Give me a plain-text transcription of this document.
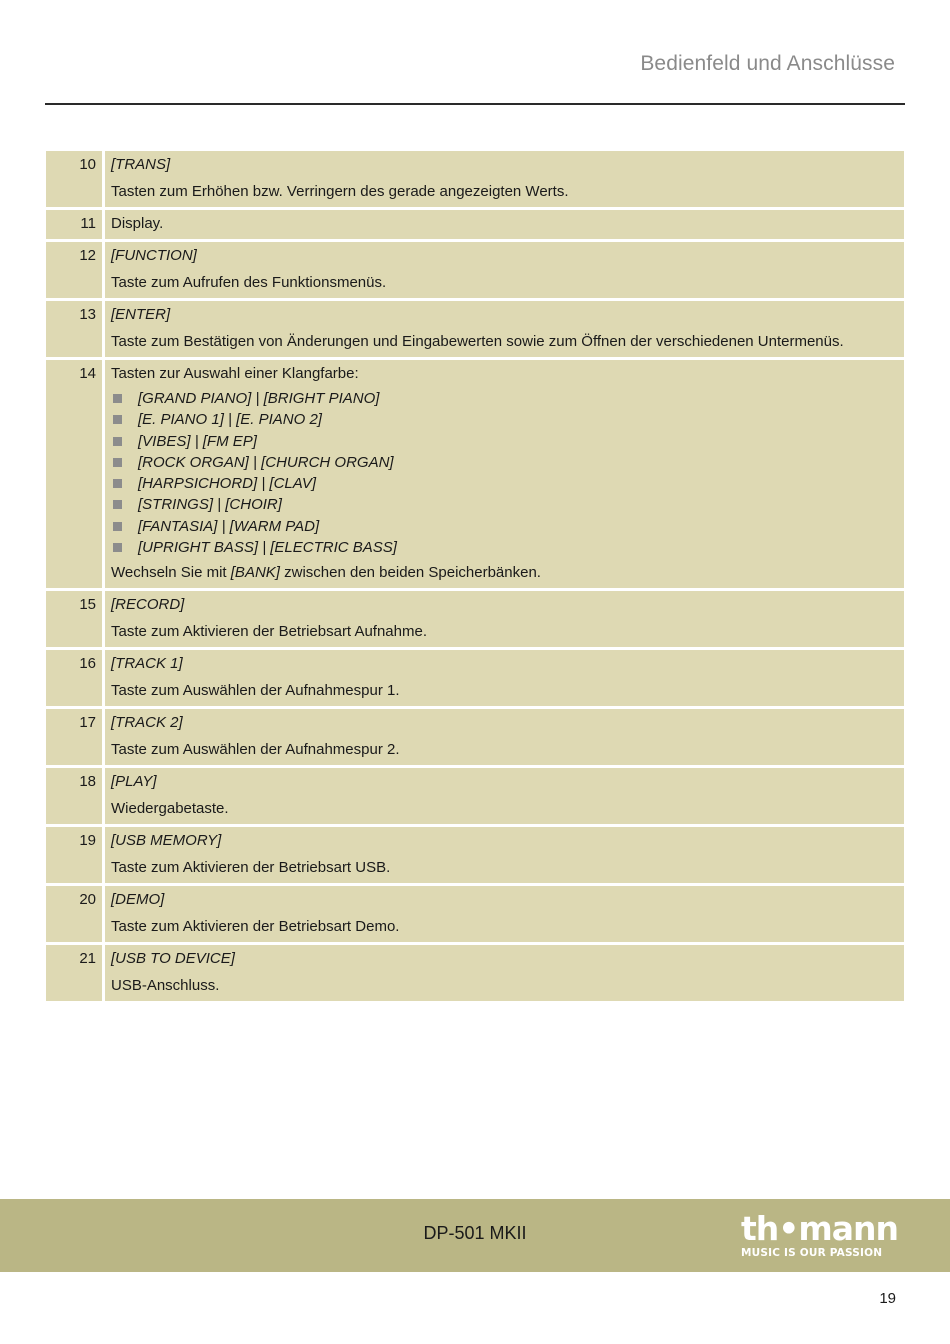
Bedienfeld und Anschlüsse
10	[TRANS]
Tasten zum Erhöhen bzw. Verringern des gerade angezeigten Werts.
11	Display.
12	[FUNCTION]
Taste zum Aufrufen des Funktionsmenüs.
13	[ENTER]
Taste zum Bestätigen von Änderungen und Eingabewerten sowie zum Öffnen der verschiedenen Untermenüs.
14	Tasten zur Auswahl einer Klangfarbe:
[GRAND PIANO] | [BRIGHT PIANO]
[E. PIANO 1] | [E. PIANO 2]
[VIBES] | [FM EP]
[ROCK ORGAN] | [CHURCH ORGAN]
[HARPSICHORD] | [CLAV]
[STRINGS] | [CHOIR]
[FANTASIA] | [WARM PAD]
[UPRIGHT BASS] | [ELECTRIC BASS]
Wechseln Sie mit [BANK] zwischen den beiden Speicherbänken.
15	[RECORD]
Taste zum Aktivieren der Betriebsart Aufnahme.
16	[TRACK 1]
Taste zum Auswählen der Aufnahmespur 1.
17	[TRACK 2]
Taste zum Auswählen der Aufnahmespur 2.
18	[PLAY]
Wiedergabetaste.
19	[USB MEMORY]
Taste zum Aktivieren der Betriebsart USB.
20	[DEMO]
Taste zum Aktivieren der Betriebsart Demo.
21	[USB TO DEVICE]
USB-Anschluss.
DP-501 MKII	th•mann
MUSIC IS OUR PASSION
19
